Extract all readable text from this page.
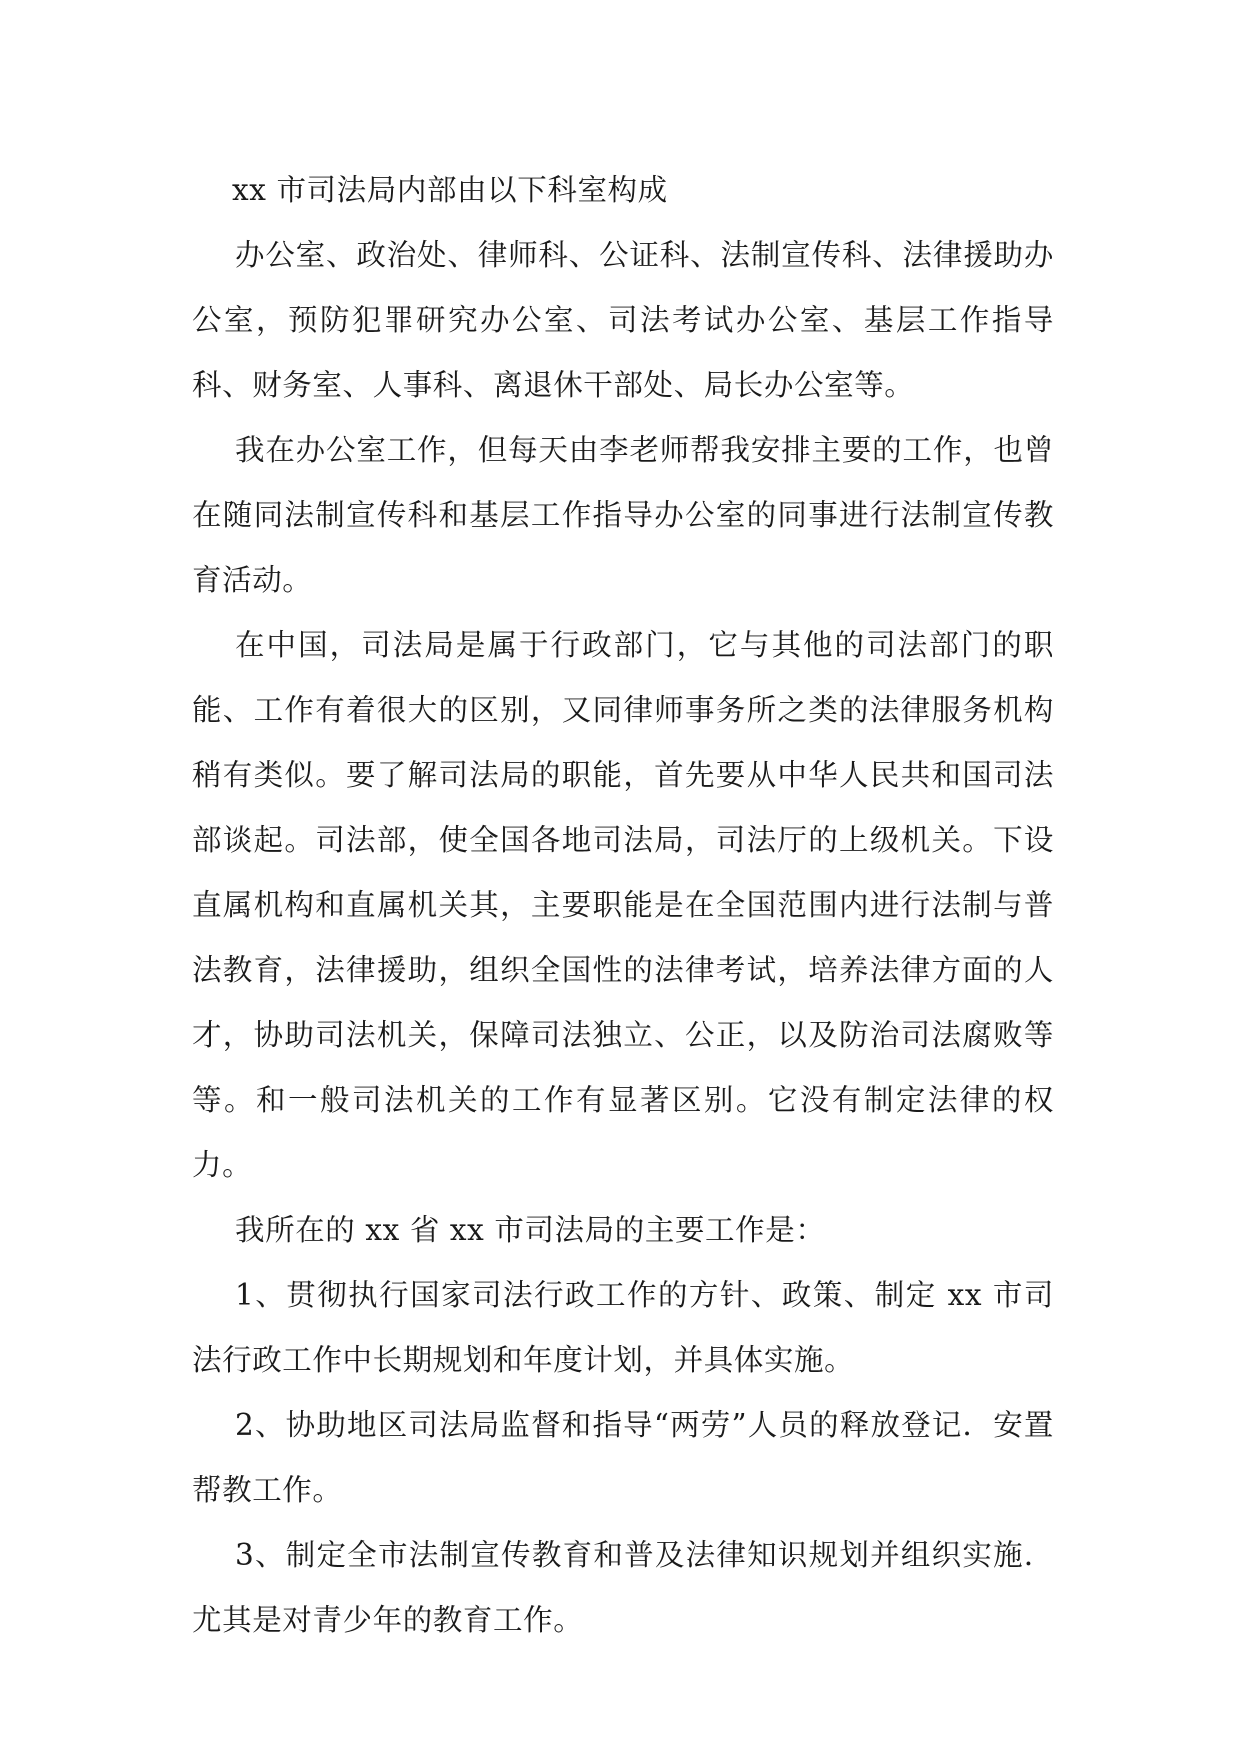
xx 市司法局内部由以下科室构成

办公室、政治处、律师科、公证科、法制宣传科、法律援助办公室，预防犯罪研究办公室、司法考试办公室、基层工作指导科、财务室、人事科、离退休干部处、局长办公室等。

我在办公室工作，但每天由李老师帮我安排主要的工作，也曾在随同法制宣传科和基层工作指导办公室的同事进行法制宣传教育活动。

在中国，司法局是属于行政部门，它与其他的司法部门的职能、工作有着很大的区别，又同律师事务所之类的法律服务机构稍有类似。要了解司法局的职能，首先要从中华人民共和国司法部谈起。司法部，使全国各地司法局，司法厅的上级机关。下设直属机构和直属机关其，主要职能是在全国范围内进行法制与普法教育，法律援助，组织全国性的法律考试，培养法律方面的人才，协助司法机关，保障司法独立、公正，以及防治司法腐败等等。和一般司法机关的工作有显著区别。它没有制定法律的权力。

我所在的 xx 省 xx 市司法局的主要工作是：

1、贯彻执行国家司法行政工作的方针、政策、制定 xx 市司法行政工作中长期规划和年度计划，并具体实施。

2、协助地区司法局监督和指导“两劳”人员的释放登记．安置帮教工作。

3、制定全市法制宣传教育和普及法律知识规划并组织实施．尤其是对青少年的教育工作。
